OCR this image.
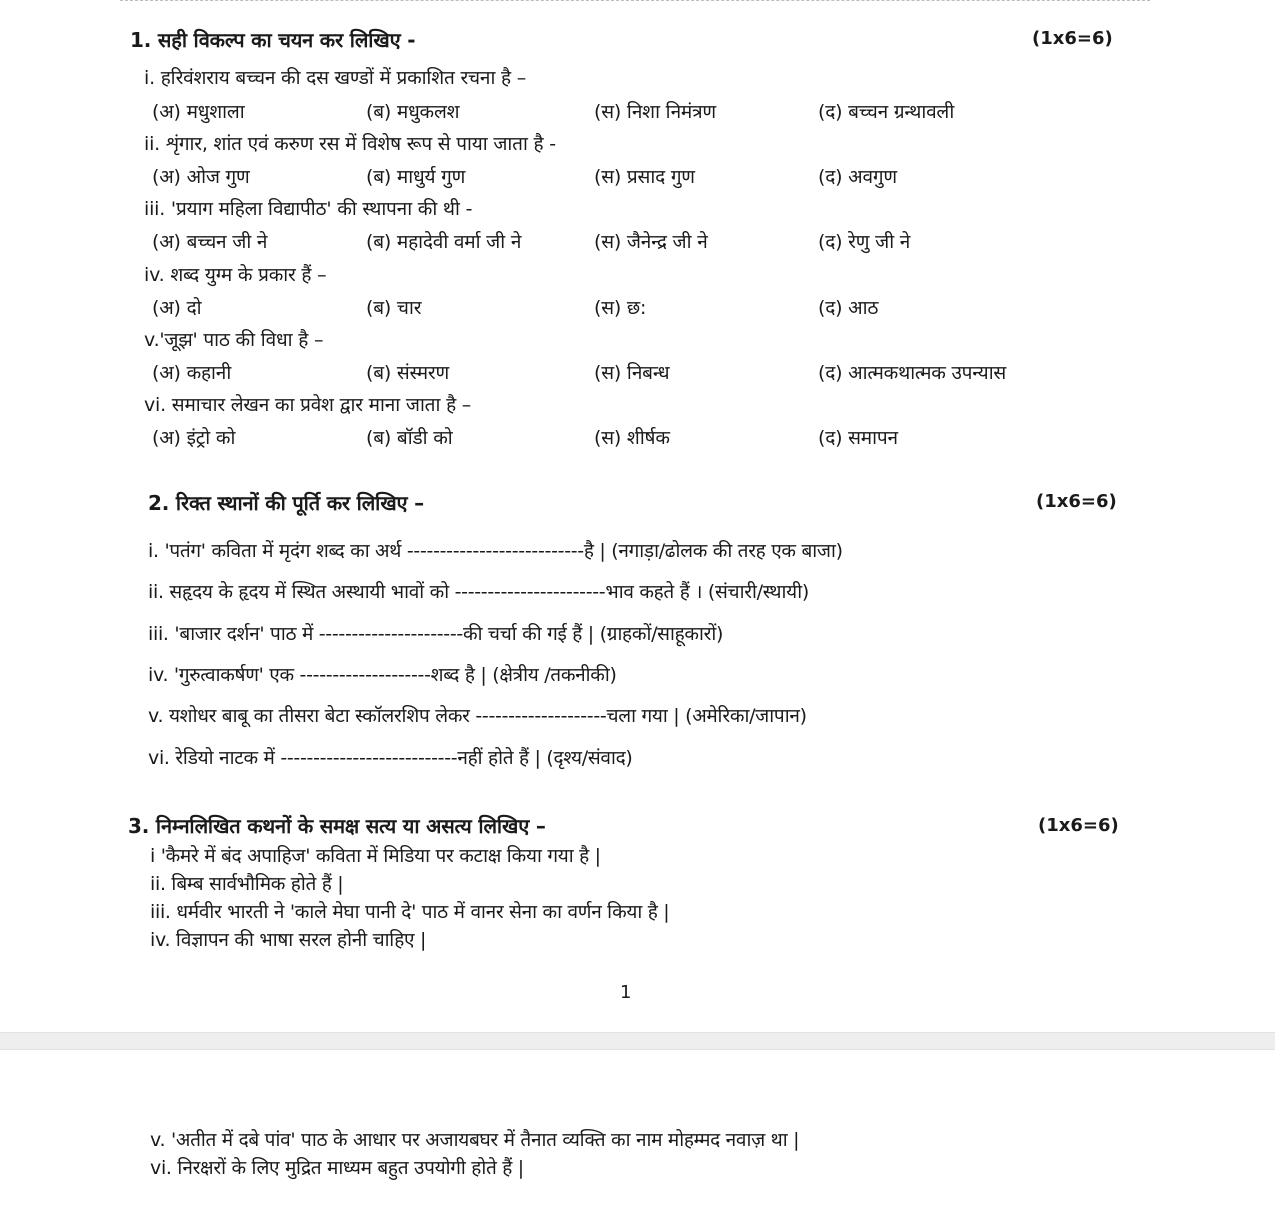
1. सही विकल्प का चयन कर लिखिए -	(1x6=6)
i. हरिवंशराय बच्चन की दस खण्डों में प्रकाशित रचना है –
(अ) मधुशाला	(ब) मधुकलश	(स) निशा निमंत्रण	(द) बच्चन ग्रन्थावली
ii. शृंगार, शांत एवं करुण रस में विशेष रूप से पाया जाता है -
(अ) ओज गुण	(ब) माधुर्य गुण	(स) प्रसाद गुण	(द) अवगुण
iii. 'प्रयाग महिला विद्यापीठ' की स्थापना की थी -
(अ) बच्चन जी ने	(ब) महादेवी वर्मा जी ने	(स) जैनेन्द्र जी ने	(द) रेणु जी ने
iv. शब्द युग्म के प्रकार हैं –
(अ) दो	(ब) चार	(स) छ:	(द) आठ
v.'जूझ' पाठ की विधा है –
(अ) कहानी	(ब) संस्मरण	(स) निबन्ध	(द) आत्मकथात्मक उपन्यास
vi. समाचार लेखन का प्रवेश द्वार माना जाता है –
(अ) इंट्रो को	(ब) बॉडी को	(स) शीर्षक	(द) समापन
2. रिक्त स्थानों की पूर्ति कर लिखिए –	(1x6=6)
i. 'पतंग' कविता में मृदंग शब्द का अर्थ ---------------------------है | (नगाड़ा/ढोलक की तरह एक बाजा)
ii. सहृदय के हृदय में स्थित अस्थायी भावों को -----------------------भाव कहते हैं । (संचारी/स्थायी)
iii. 'बाजार दर्शन' पाठ में ----------------------की चर्चा की गई हैं | (ग्राहकों/साहूकारों)
iv. 'गुरुत्वाकर्षण' एक --------------------शब्द है | (क्षेत्रीय /तकनीकी)
v. यशोधर बाबू का तीसरा बेटा स्कॉलरशिप लेकर --------------------चला गया | (अमेरिका/जापान)
vi. रेडियो नाटक में ---------------------------नहीं होते हैं | (दृश्य/संवाद)
3. निम्नलिखित कथनों के समक्ष सत्य या असत्य लिखिए –	(1x6=6)
i 'कैमरे में बंद अपाहिज' कविता में मिडिया पर कटाक्ष किया गया है |
ii. बिम्ब सार्वभौमिक होते हैं |
iii. धर्मवीर भारती ने 'काले मेघा पानी दे' पाठ में वानर सेना का वर्णन किया है |
iv. विज्ञापन की भाषा सरल होनी चाहिए |
1
v. 'अतीत में दबे पांव' पाठ के आधार पर अजायबघर में तैनात व्यक्ति का नाम मोहम्मद नवाज़ था |
vi. निरक्षरों के लिए मुद्रित माध्यम बहुत उपयोगी होते हैं |
